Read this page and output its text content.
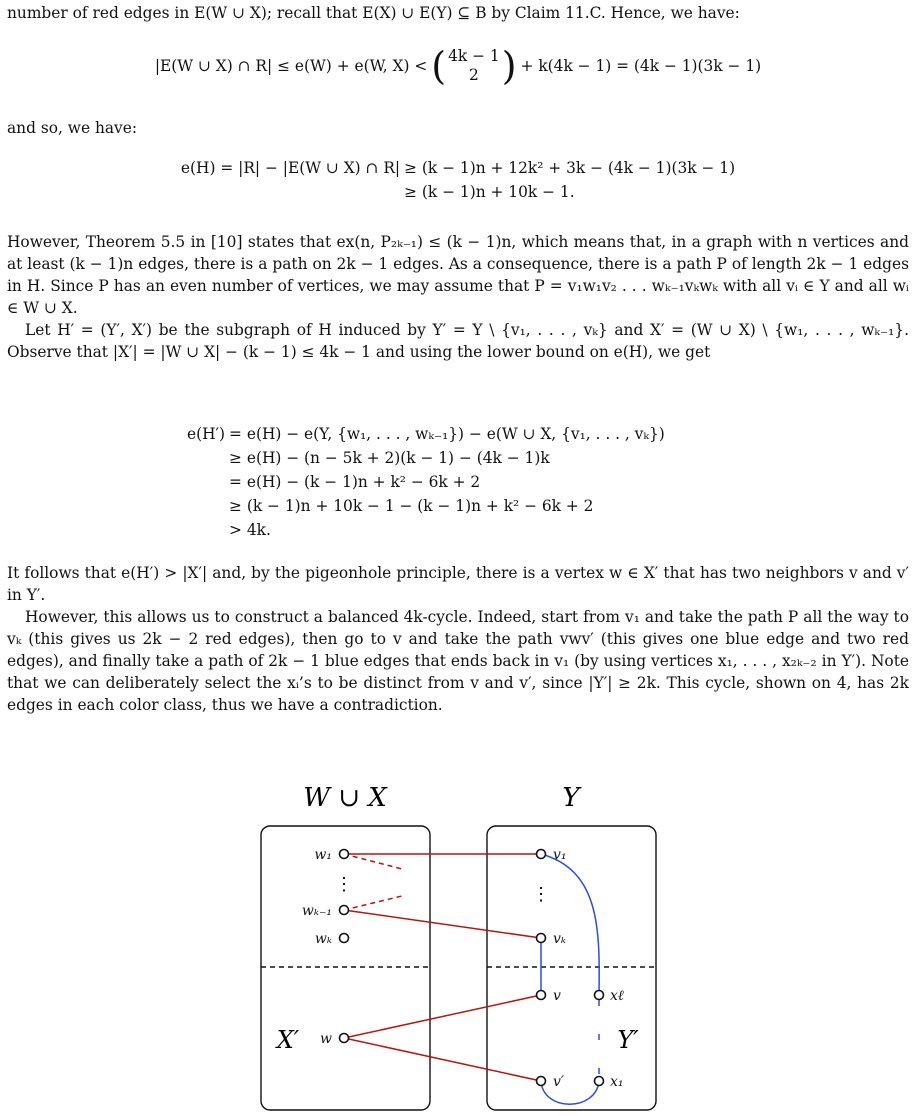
number of red edges in E(W ∪ X); recall that E(X) ∪ E(Y) ⊆ B by Claim 11.C. Hence, we have:

|E(W ∪ X) ∩ R| ≤ e(W) + e(W, X) < ( 4k − 1
2 ) + k(4k − 1) = (4k − 1)(3k − 1)

and so, we have:

e(H) = |R| − |E(W ∪ X) ∩ R|	≥ (k − 1)n + 12k² + 3k − (4k − 1)(3k − 1)
	≥ (k − 1)n + 10k − 1.

However, Theorem 5.5 in [10] states that ex(n, P₂ₖ₋₁) ≤ (k − 1)n, which means that, in a graph with n vertices and at least (k − 1)n edges, there is a path on 2k − 1 edges. As a consequence, there is a path P of length 2k − 1 edges in H. Since P has an even number of vertices, we may assume that P = v₁w₁v₂ . . . wₖ₋₁vₖwₖ with all vᵢ ∈ Y and all wᵢ ∈ W ∪ X.

Let H′ = (Y′, X′) be the subgraph of H induced by Y′ = Y \ {v₁, . . . , vₖ} and X′ = (W ∪ X) \ {w₁, . . . , wₖ₋₁}. Observe that |X′| = |W ∪ X| − (k − 1) ≤ 4k − 1 and using the lower bound on e(H), we get

e(H′)	= e(H) − e(Y, {w₁, . . . , wₖ₋₁}) − e(W ∪ X, {v₁, . . . , vₖ})
	≥ e(H) − (n − 5k + 2)(k − 1) − (4k − 1)k
	= e(H) − (k − 1)n + k² − 6k + 2
	≥ (k − 1)n + 10k − 1 − (k − 1)n + k² − 6k + 2
	> 4k.

It follows that e(H′) > |X′| and, by the pigeonhole principle, there is a vertex w ∈ X′ that has two neighbors v and v′ in Y′.

However, this allows us to construct a balanced 4k-cycle. Indeed, start from v₁ and take the path P all the way to vₖ (this gives us 2k − 2 red edges), then go to v and take the path vwv′ (this gives one blue edge and two red edges), and finally take a path of 2k − 1 blue edges that ends back in v₁ (by using vertices x₁, . . . , x₂ₖ₋₂ in Y′). Note that we can deliberately select the xᵢ’s to be distinct from v and v′, since |Y′| ≥ 2k. This cycle, shown on 4, has 2k edges in each color class, thus we have a contradiction.

W ∪ X	Y
w₁
wₖ₋₁
wₖ
w
v₁
vₖ
v
v′
xℓ
x₁
⋮	⋮
X′	Y′
